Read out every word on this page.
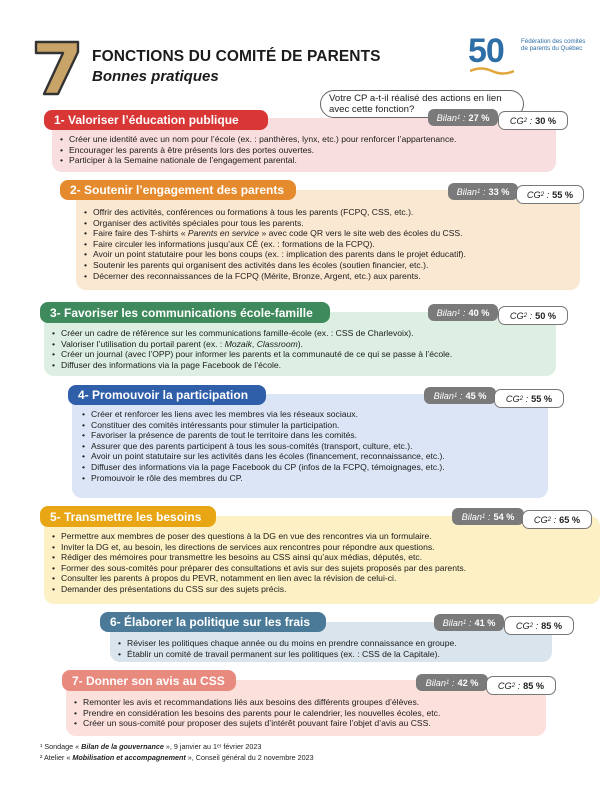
FONCTIONS DU COMITÉ DE PARENTS
Bonnes pratiques
50	Fédération des comités de parents du Québec
Votre CP a-t-il réalisé des actions en lien avec cette fonction?
1- Valoriser l’éducation publique	Bilan 1 : 27 % CG 2 : 30 %
• Créer une identité avec un nom pour l’école (ex. : panthères, lynx, etc.) pour renforcer l’appartenance.
• Encourager les parents à être présents lors des portes ouvertes.
• Participer à la Semaine nationale de l’engagement parental.
2- Soutenir l’engagement des parents	Bilan 1 : 33 % CG 2 : 55 %
• Offrir des activités, conférences ou formations à tous les parents (FCPQ, CSS, etc.).
• Organiser des activités spéciales pour tous les parents.
• Faire faire des T-shirts « Parents en service » avec code QR vers le site web des écoles du CSS.
• Faire circuler les informations jusqu’aux CÉ (ex. : formations de la FCPQ).
• Avoir un point statutaire pour les bons coups (ex. : implication des parents dans le projet éducatif).
• Soutenir les parents qui organisent des activités dans les écoles (soutien financier, etc.).
• Décerner des reconnaissances de la FCPQ (Mérite, Bronze, Argent, etc.) aux parents.
3- Favoriser les communications école-famille	Bilan 1 : 40 % CG 2 : 50 %
• Créer un cadre de référence sur les communications famille-école (ex. : CSS de Charlevoix).
• Valoriser l’utilisation du portail parent (ex. : Mozaik, Classroom).
• Créer un journal (avec l’OPP) pour informer les parents et la communauté de ce qui se passe à l’école.
• Diffuser des informations via la page Facebook de l’école.
4- Promouvoir la participation	Bilan 1 : 45 % CG 2 : 55 %
• Créer et renforcer les liens avec les membres via les réseaux sociaux.
• Constituer des comités intéressants pour stimuler la participation.
• Favoriser la présence de parents de tout le territoire dans les comités.
• Assurer que des parents participent à tous les sous-comités (transport, culture, etc.).
• Avoir un point statutaire sur les activités dans les écoles (financement, reconnaissance, etc.).
• Diffuser des informations via la page Facebook du CP (infos de la FCPQ, témoignages, etc.).
• Promouvoir le rôle des membres du CP.
5- Transmettre les besoins	Bilan 1 : 54 % CG 2 : 65 %
• Permettre aux membres de poser des questions à la DG en vue des rencontres via un formulaire.
• Inviter la DG et, au besoin, les directions de services aux rencontres pour répondre aux questions.
• Rédiger des mémoires pour transmettre les besoins au CSS ainsi qu’aux médias, députés, etc.
• Former des sous-comités pour préparer des consultations et avis sur des sujets proposés par des parents.
• Consulter les parents à propos du PEVR, notamment en lien avec la révision de celui-ci.
• Demander des présentations du CSS sur des sujets précis.
6- Élaborer la politique sur les frais	Bilan 1 : 41 % CG 2 : 85 %
• Réviser les politiques chaque année ou du moins en prendre connaissance en groupe.
• Établir un comité de travail permanent sur les politiques (ex. : CSS de la Capitale).
7- Donner son avis au CSS	Bilan 1 : 42 % CG 2 : 85 %
• Remonter les avis et recommandations liés aux besoins des différents groupes d’élèves.
• Prendre en considération les besoins des parents pour le calendrier, les nouvelles écoles, etc.
• Créer un sous-comité pour proposer des sujets d’intérêt pouvant faire l’objet d’avis au CSS.
¹ Sondage « Bilan de la gouvernance », 9 janvier au 1ᵉʳ février 2023
² Atelier « Mobilisation et accompagnement », Conseil général du 2 novembre 2023
